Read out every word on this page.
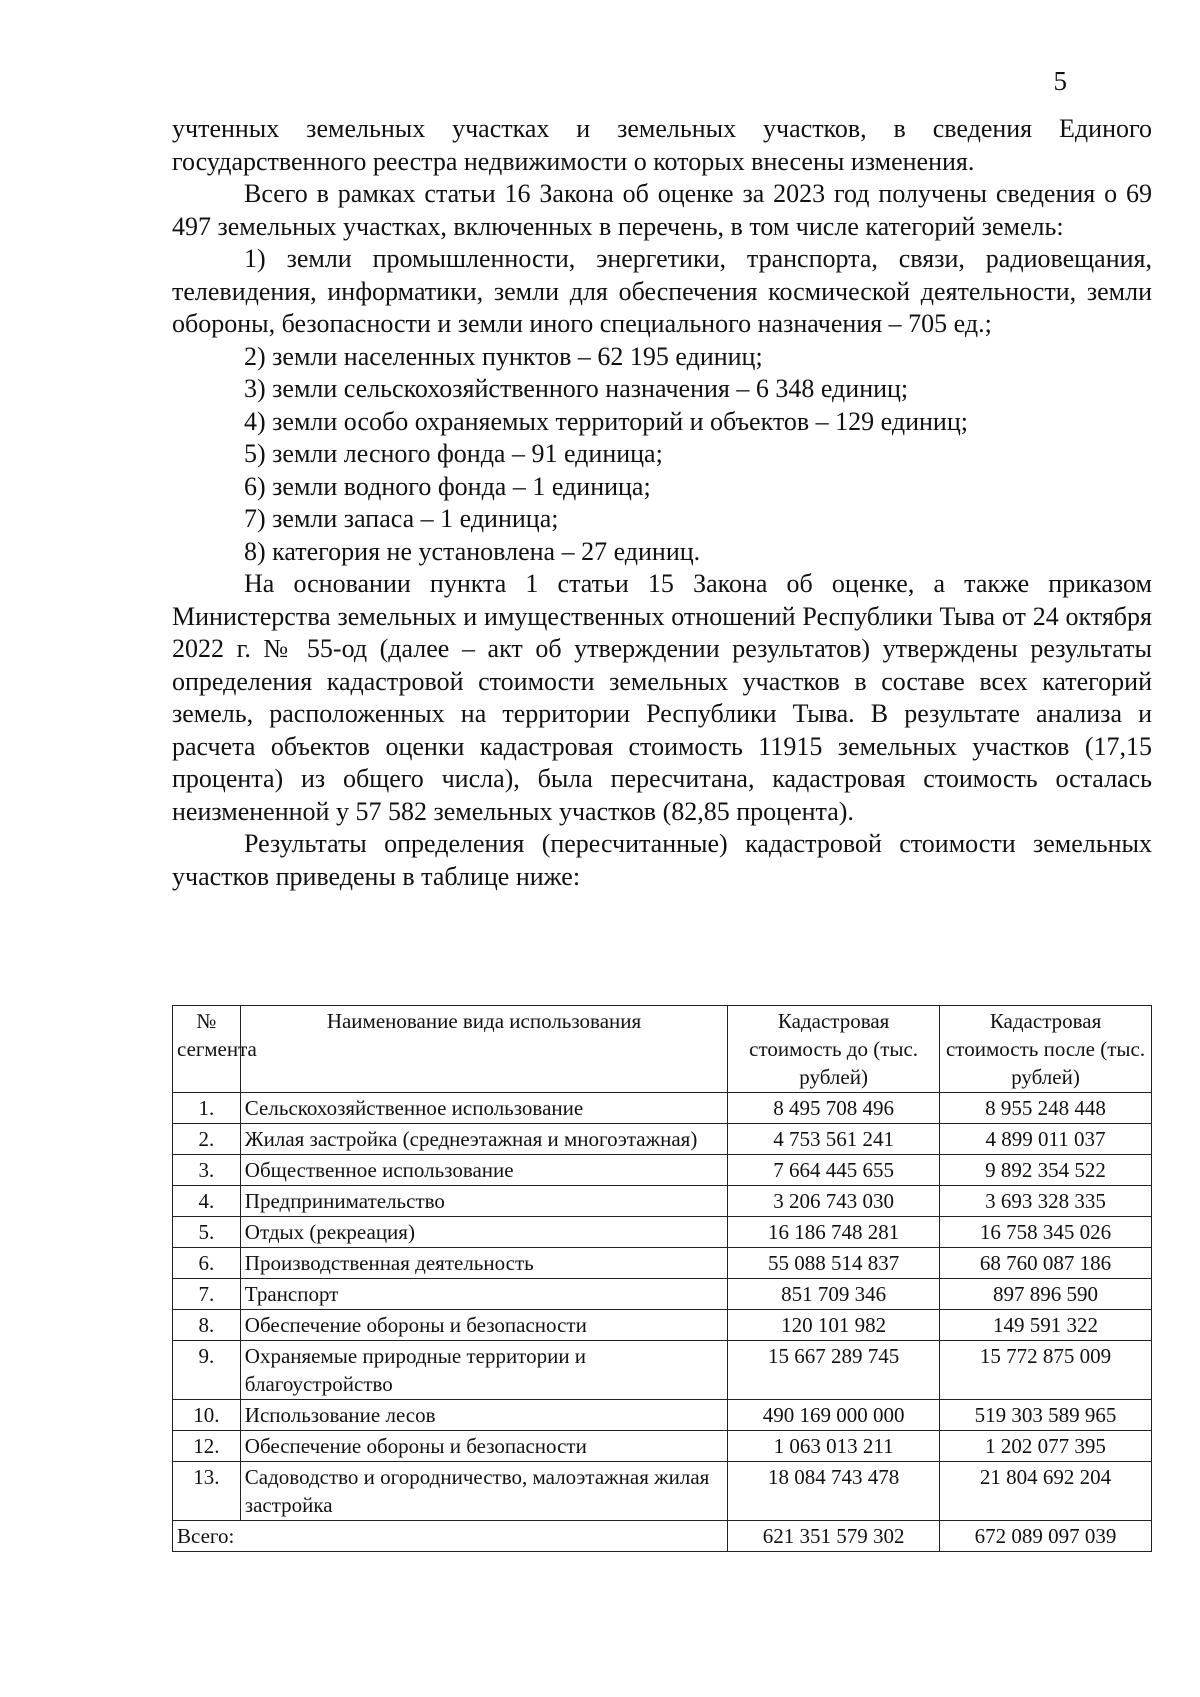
5

учтенных земельных участках и земельных участков, в сведения Единого государственного реестра недвижимости о которых внесены изменения.

Всего в рамках статьи 16 Закона об оценке за 2023 год получены сведения о 69 497 земельных участках, включенных в перечень, в том числе категорий земель:

1) земли промышленности, энергетики, транспорта, связи, радиовещания, телевидения, информатики, земли для обеспечения космической деятельности, земли обороны, безопасности и земли иного специального назначения – 705 ед.;

2) земли населенных пунктов – 62 195 единиц;

3) земли сельскохозяйственного назначения – 6 348 единиц;

4) земли особо охраняемых территорий и объектов – 129 единиц;

5) земли лесного фонда – 91 единица;

6) земли водного фонда – 1 единица;

7) земли запаса – 1 единица;

8) категория не установлена – 27 единиц.

На основании пункта 1 статьи 15 Закона об оценке, а также приказом Министерства земельных и имущественных отношений Республики Тыва от 24 октября 2022 г. № 55-од (далее – акт об утверждении результатов) утверждены результаты определения кадастровой стоимости земельных участков в составе всех категорий земель, расположенных на территории Республики Тыва. В результате анализа и расчета объектов оценки кадастровая стоимость 11915 земельных участков (17,15 процента) из общего числа), была пересчитана, кадастровая стоимость осталась неизмененной у 57 582 земельных участков (82,85 процента).

Результаты определения (пересчитанные) кадастровой стоимости земельных участков приведены в таблице ниже:

№ сегмента	Наименование вида использования	Кадастровая стоимость до (тыс. рублей)	Кадастровая стоимость после (тыс. рублей)
1.	Сельскохозяйственное использование	8 495 708 496	8 955 248 448
2.	Жилая застройка (среднеэтажная и многоэтажная)	4 753 561 241	4 899 011 037
3.	Общественное использование	7 664 445 655	9 892 354 522
4.	Предпринимательство	3 206 743 030	3 693 328 335
5.	Отдых (рекреация)	16 186 748 281	16 758 345 026
6.	Производственная деятельность	55 088 514 837	68 760 087 186
7.	Транспорт	851 709 346	897 896 590
8.	Обеспечение обороны и безопасности	120 101 982	149 591 322
9.	Охраняемые природные территории и благоустройство	15 667 289 745	15 772 875 009
10.	Использование лесов	490 169 000 000	519 303 589 965
12.	Обеспечение обороны и безопасности	1 063 013 211	1 202 077 395
13.	Садоводство и огородничество, малоэтажная жилая застройка	18 084 743 478	21 804 692 204
Всего:		621 351 579 302	672 089 097 039
